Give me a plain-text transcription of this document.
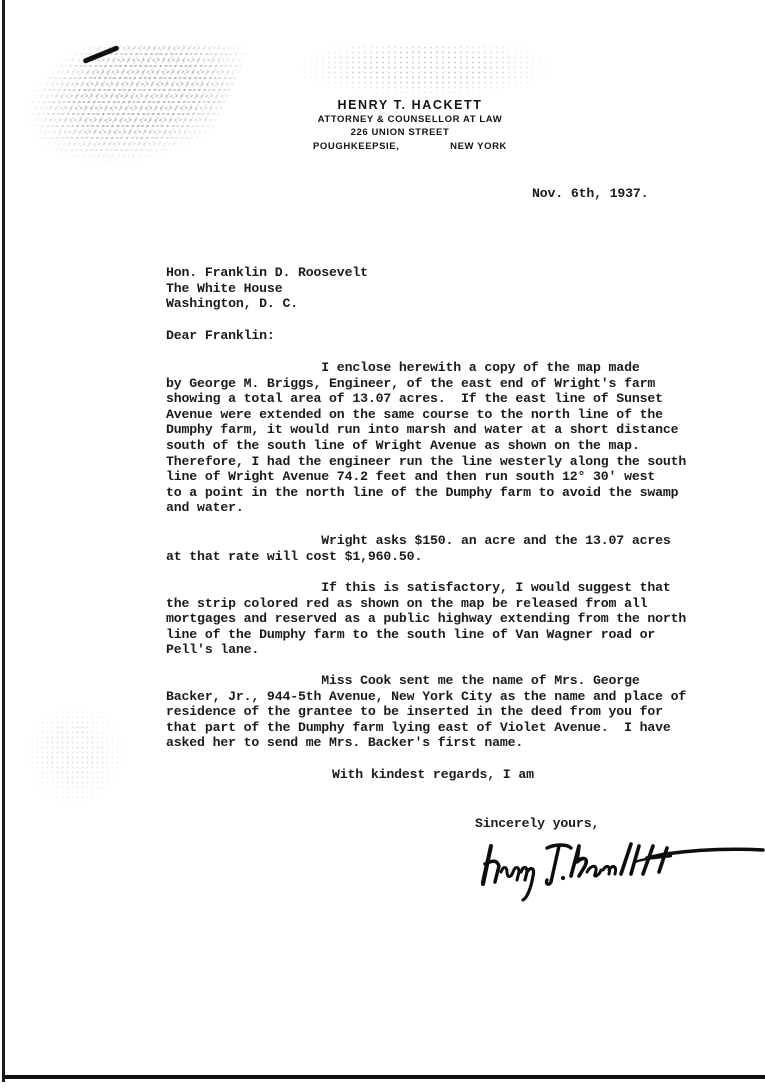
HENRY T. HACKETT
ATTORNEY & COUNSELLOR AT LAW
226 UNION STREET
POUGHKEEPSIE,	NEW YORK
Nov. 6th, 1937.
Hon. Franklin D. Roosevelt
The White House
Washington, D. C.
Dear Franklin:
I enclose herewith a copy of the map made
by George M. Briggs, Engineer, of the east end of Wright's farm
showing a total area of 13.07 acres.  If the east line of Sunset
Avenue were extended on the same course to the north line of the
Dumphy farm, it would run into marsh and water at a short distance
south of the south line of Wright Avenue as shown on the map.
Therefore, I had the engineer run the line westerly along the south
line of Wright Avenue 74.2 feet and then run south 12° 30' west
to a point in the north line of the Dumphy farm to avoid the swamp
and water.
Wright asks $150. an acre and the 13.07 acres
at that rate will cost $1,960.50.
If this is satisfactory, I would suggest that
the strip colored red as shown on the map be released from all
mortgages and reserved as a public highway extending from the north
line of the Dumphy farm to the south line of Van Wagner road or
Pell's lane.
Miss Cook sent me the name of Mrs. George
Backer, Jr., 944-5th Avenue, New York City as the name and place of
residence of the grantee to be inserted in the deed from you for
that part of the Dumphy farm lying east of Violet Avenue.  I have
asked her to send me Mrs. Backer's first name.
With kindest regards, I am
Sincerely yours,
